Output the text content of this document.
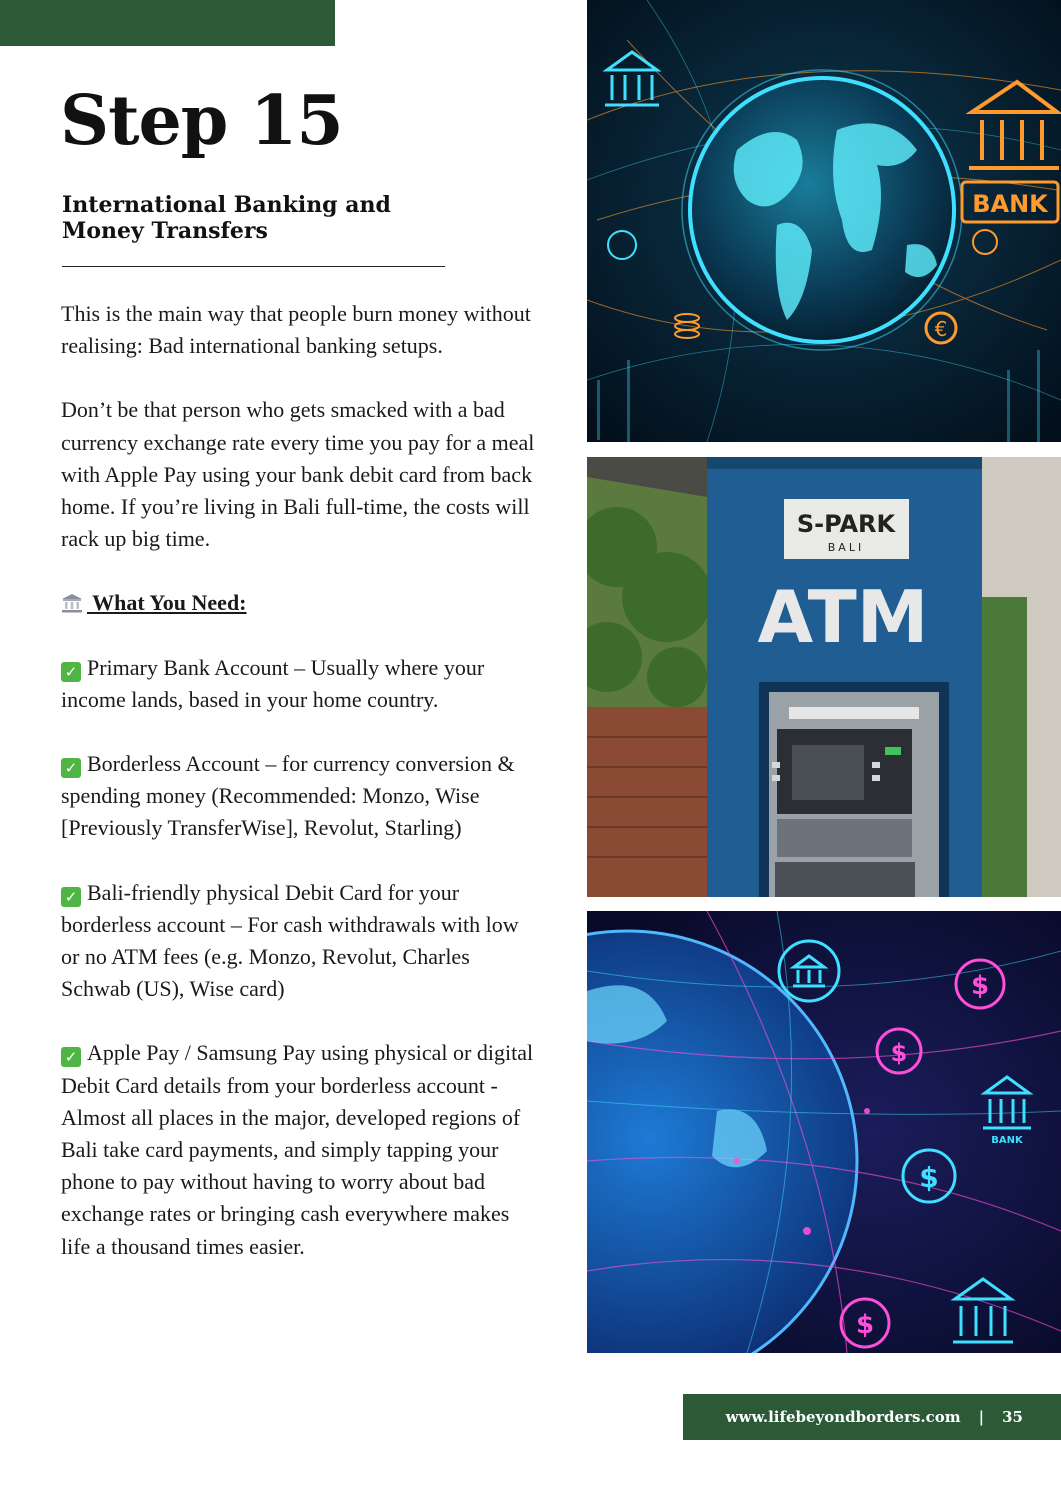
Step 15
International Banking and Money Transfers

This is the main way that people burn money without realising: Bad international banking setups.

Don’t be that person who gets smacked with a bad currency exchange rate every time you pay for a meal with Apple Pay using your bank debit card from back home. If you’re living in Bali full-time, the costs will rack up big time.

What You Need:

✓ Primary Bank Account – Usually where your income lands, based in your home country.

✓ Borderless Account – for currency conversion & spending money (Recommended: Monzo, Wise [Previously TransferWise], Revolut, Starling)

✓ Bali-friendly physical Debit Card for your borderless account – For cash withdrawals with low or no ATM fees (e.g. Monzo, Revolut, Charles Schwab (US), Wise card)

✓ Apple Pay / Samsung Pay using physical or digital Debit Card details from your borderless account - Almost all places in the major, developed regions of Bali take card payments, and simply tapping your phone to pay without having to worry about bad exchange rates or bringing cash everywhere makes life a thousand times easier.

BANK
€
S-PARK
BALI
ATM
$
$
BANK
$
$
www.lifebeyondborders.com | 35
